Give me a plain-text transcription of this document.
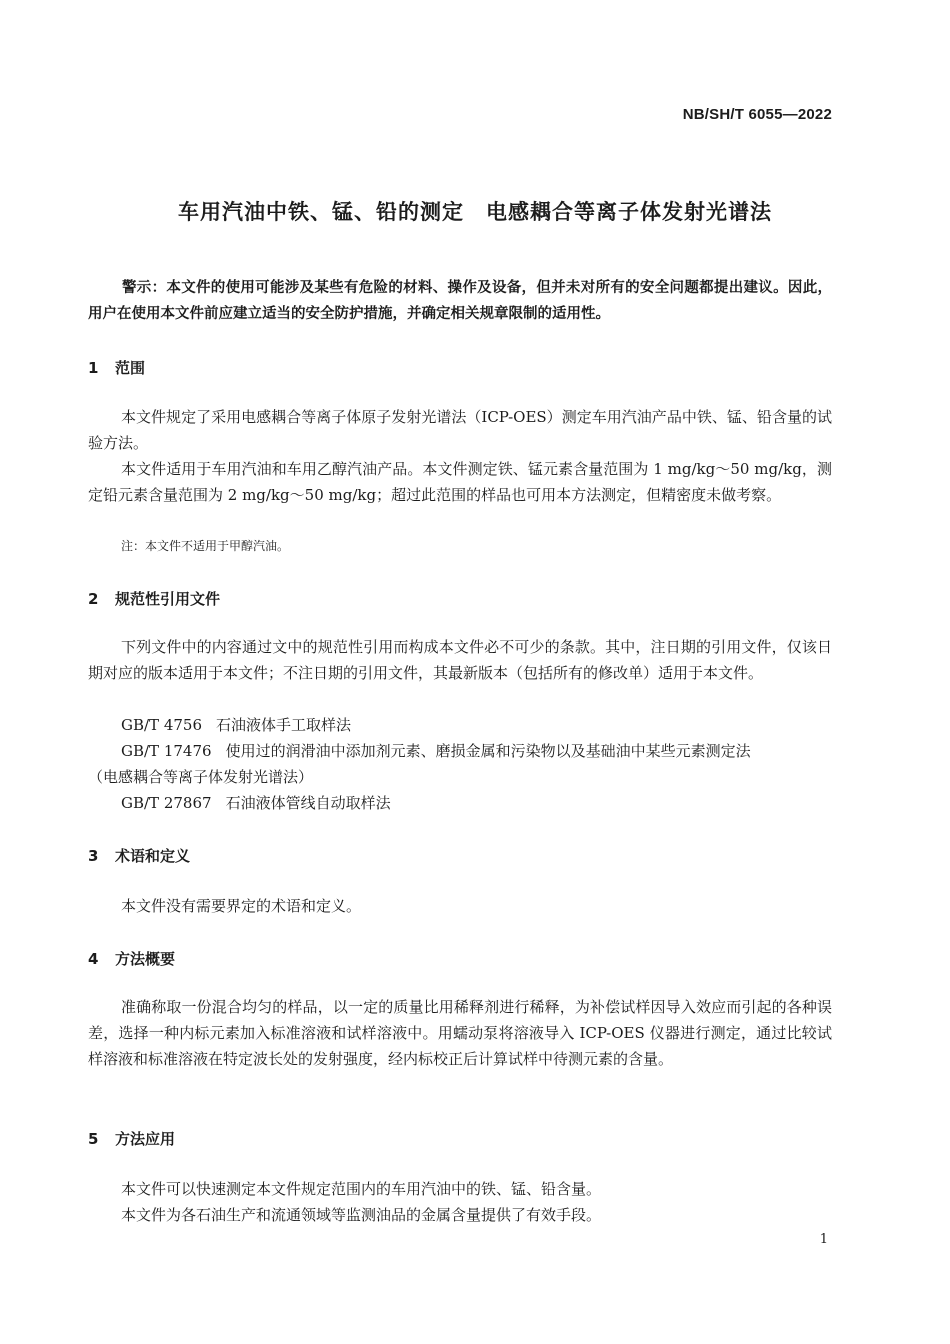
NB/SH/T 6055—2022
车用汽油中铁、锰、铅的测定　电感耦合等离子体发射光谱法
警示：本文件的使用可能涉及某些有危险的材料、操作及设备，但并未对所有的安全问题都提出建议。因此，用户在使用本文件前应建立适当的安全防护措施，并确定相关规章限制的适用性。
1 范围
本文件规定了采用电感耦合等离子体原子发射光谱法（ICP-OES）测定车用汽油产品中铁、锰、铅含量的试验方法。
本文件适用于车用汽油和车用乙醇汽油产品。本文件测定铁、锰元素含量范围为 1 mg/kg～50 mg/kg，测定铅元素含量范围为 2 mg/kg～50 mg/kg；超过此范围的样品也可用本方法测定，但精密度未做考察。
注：本文件不适用于甲醇汽油。
2 规范性引用文件
下列文件中的内容通过文中的规范性引用而构成本文件必不可少的条款。其中，注日期的引用文件，仅该日期对应的版本适用于本文件；不注日期的引用文件，其最新版本（包括所有的修改单）适用于本文件。
GB/T 4756 石油液体手工取样法
GB/T 17476 使用过的润滑油中添加剂元素、磨损金属和污染物以及基础油中某些元素测定法
（电感耦合等离子体发射光谱法）
GB/T 27867 石油液体管线自动取样法
3 术语和定义
本文件没有需要界定的术语和定义。
4 方法概要
准确称取一份混合均匀的样品，以一定的质量比用稀释剂进行稀释，为补偿试样因导入效应而引起的各种误差，选择一种内标元素加入标准溶液和试样溶液中。用蠕动泵将溶液导入 ICP-OES 仪器进行测定，通过比较试样溶液和标准溶液在特定波长处的发射强度，经内标校正后计算试样中待测元素的含量。
5 方法应用
本文件可以快速测定本文件规定范围内的车用汽油中的铁、锰、铅含量。
本文件为各石油生产和流通领域等监测油品的金属含量提供了有效手段。
1
